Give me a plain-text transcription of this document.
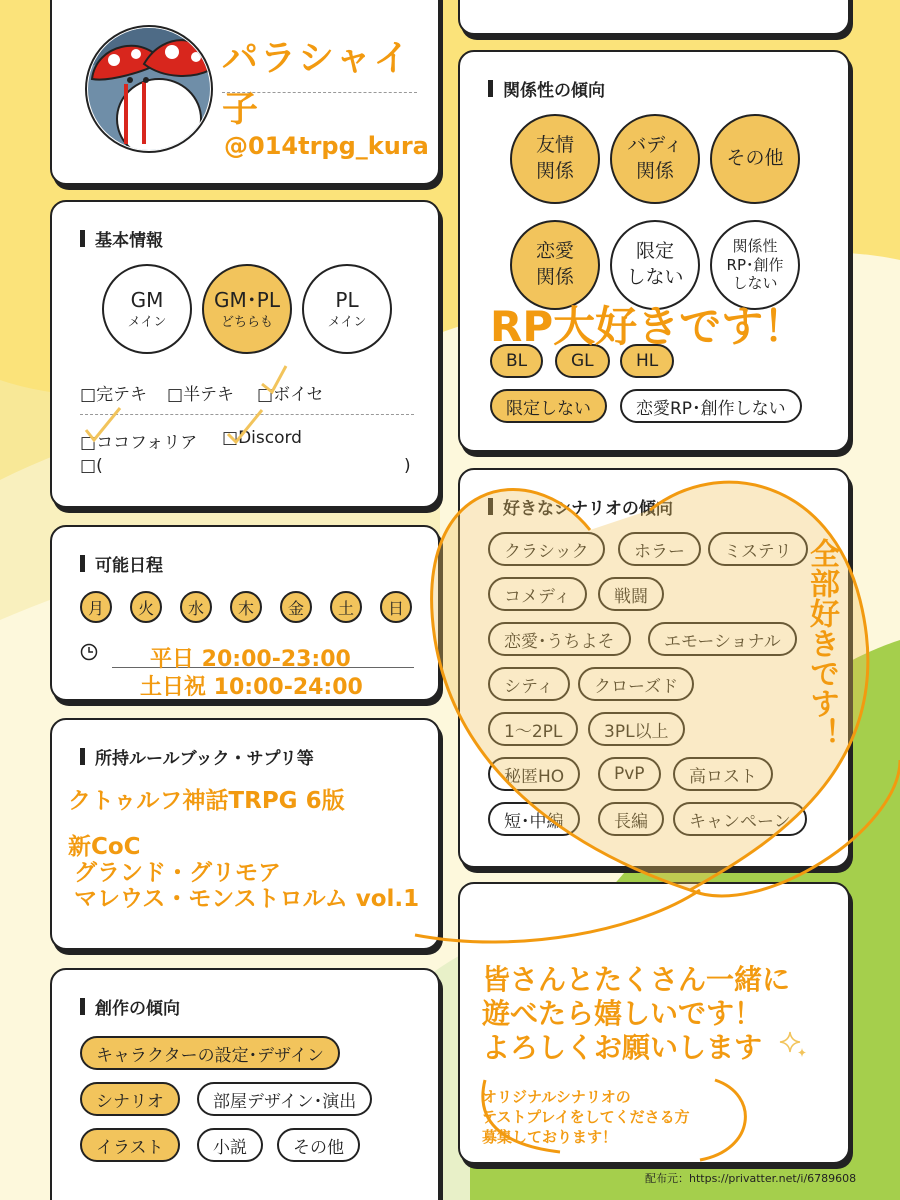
パラシャイ子
@014trpg_kura
基本情報
GM
メイン
GM･PL
どちらも
PL
メイン
□完テキ □半テキ □ボイセ
□ココフォリア □Discord
□(	)
可能日程
月	火	水	木	金	土	日
平日 20:00-23:00
土日祝 10:00-24:00
所持ルールブック・サプリ等
クトゥルフ神話TRPG 6版
新CoC
グランド・グリモア
マレウス・モンストロルム vol.1
創作の傾向
キャラクターの設定･デザイン
シナリオ	部屋デザイン･演出
イラスト	小説	その他
関係性の傾向
友情
関係
バディ
関係
その他
恋愛
関係
限定
しない
関係性
RP･創作
しない
BL	GL	HL
限定しない	恋愛RP･創作しない
RP大好きです！
好きなシナリオの傾向
クラシック	ホラー	ミステリ
コメディ	戦闘
恋愛･うちよそ	エモーショナル
シティ	クローズド
1〜2PL	3PL以上
秘匿HO	PvP	高ロスト
短･中編	長編	キャンペーン
全部好きです！
皆さんとたくさん一緒に
遊べたら嬉しいです！
よろしくお願いします
オリジナルシナリオの
テストプレイをしてくださる方
募集しております！
配布元：https://privatter.net/i/6789608
